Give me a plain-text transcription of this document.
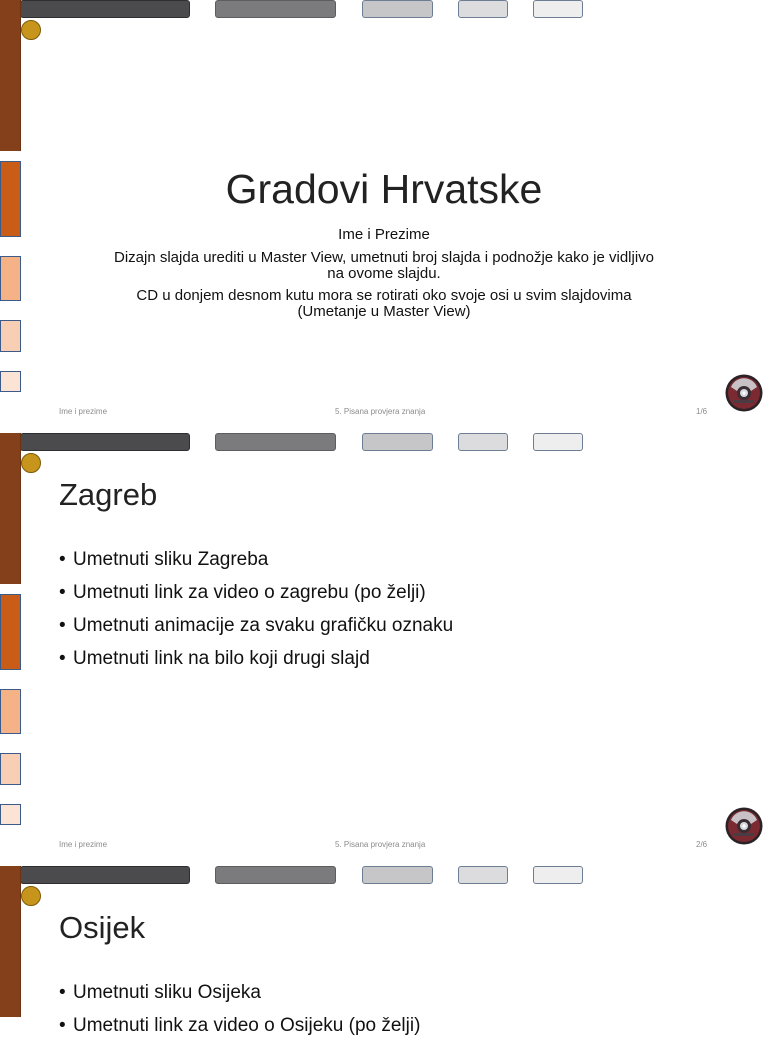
Gradovi Hrvatske
Ime i Prezime
Dizajn slajda urediti u Master View, umetnuti broj slajda i podnožje kako je vidljivo na ovome slajdu.
CD u donjem desnom kutu mora se rotirati oko svoje osi u svim slajdovima (Umetanje u Master View)
Ime i prezime	5. Pisana provjera znanja	1/6
Zagreb
• Umetnuti sliku Zagreba
• Umetnuti link za video o zagrebu (po želji)
• Umetnuti animacije za svaku grafičku oznaku
• Umetnuti link na bilo koji drugi slajd
Ime i prezime	5. Pisana provjera znanja	2/6
Osijek
• Umetnuti sliku Osijeka
• Umetnuti link za video o Osijeku (po želji)
